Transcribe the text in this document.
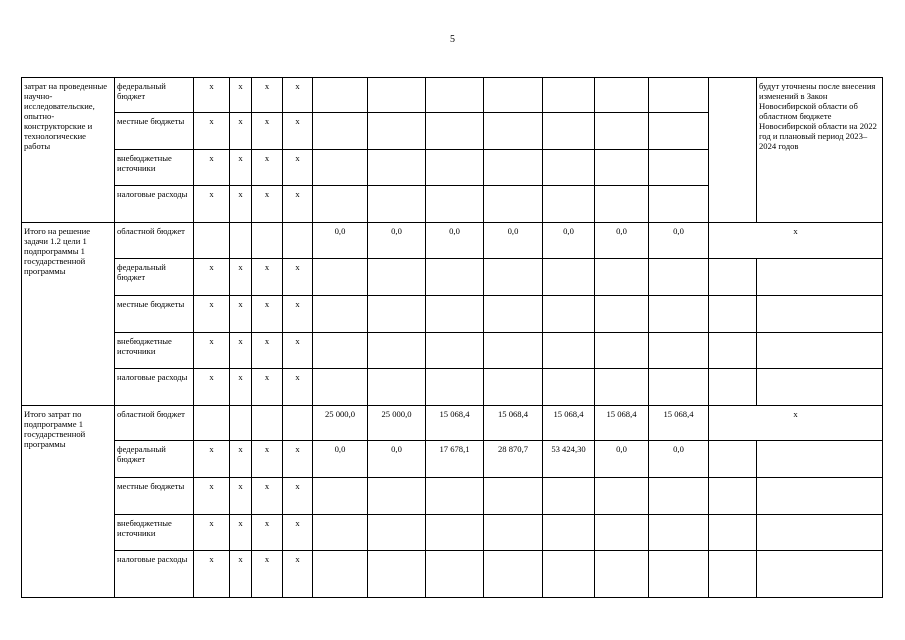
5
затрат на проведенные научно-исследовательские, опытно-конструкторские и технологические работы	федеральный бюджет	x	x	x	x									будут уточнены после внесения изменений в Закон Новосибирской области об областном бюджете Новосибирской области на 2022 год и плановый период 2023–2024 годов
	местные бюджеты	x	x	x	x									
	внебюджетные источники	x	x	x	x									
	налоговые расходы	x	x	x	x									
Итого на решение задачи 1.2 цели 1 подпрограммы 1 государственной программы	областной бюджет					0,0	0,0	0,0	0,0	0,0	0,0	0,0	x	
	федеральный бюджет	x	x	x	x									
	местные бюджеты	x	x	x	x									
	внебюджетные источники	x	x	x	x									
	налоговые расходы	x	x	x	x									
Итого затрат по подпрограмме 1 государственной программы	областной бюджет					25 000,0	25 000,0	15 068,4	15 068,4	15 068,4	15 068,4	15 068,4	x	
	федеральный бюджет	x	x	x	x	0,0	0,0	17 678,1	28 870,7	53 424,30	0,0	0,0		
	местные бюджеты	x	x	x	x									
	внебюджетные источники	x	x	x	x									
	налоговые расходы	x	x	x	x									
